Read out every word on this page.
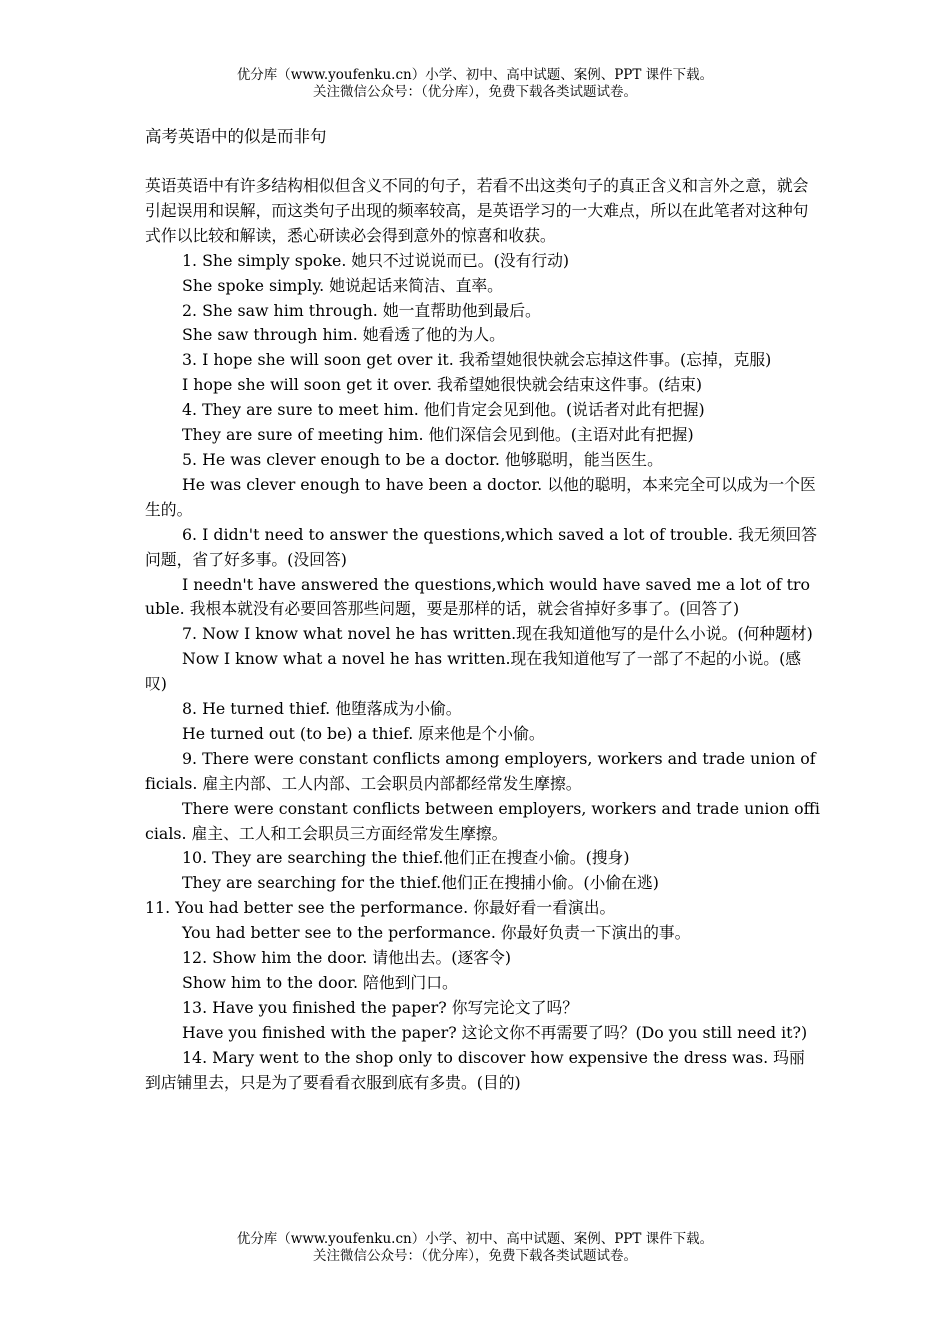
优分库（www.youfenku.cn）小学、初中、高中试题、案例、PPT 课件下载。
关注微信公众号：（优分库），免费下载各类试题试卷。
高考英语中的似是而非句

英语英语中有许多结构相似但含义不同的句子，若看不出这类句子的真正含义和言外之意，就会引起误用和误解，而这类句子出现的频率较高，是英语学习的一大难点，所以在此笔者对这种句式作以比较和解读，悉心研读必会得到意外的惊喜和收获。

1. She simply spoke. 她只不过说说而已。(没有行动)

She spoke simply. 她说起话来简洁、直率。

2. She saw him through. 她一直帮助他到最后。

She saw through him. 她看透了他的为人。

3. I hope she will soon get over it. 我希望她很快就会忘掉这件事。(忘掉，克服)

I hope she will soon get it over. 我希望她很快就会结束这件事。(结束)

4. They are sure to meet him. 他们肯定会见到他。(说话者对此有把握)

They are sure of meeting him. 他们深信会见到他。(主语对此有把握)

5. He was clever enough to be a doctor. 他够聪明，能当医生。

He was clever enough to have been a doctor. 以他的聪明，本来完全可以成为一个医生的。

6. I didn't need to answer the questions,which saved a lot of trouble. 我无须回答问题，省了好多事。(没回答)

I needn't have answered the questions,which would have saved me a lot of trouble. 我根本就没有必要回答那些问题，要是那样的话，就会省掉好多事了。(回答了)

7. Now I know what novel he has written.现在我知道他写的是什么小说。(何种题材)

Now I know what a novel he has written.现在我知道他写了一部了不起的小说。(感叹)

8. He turned thief. 他堕落成为小偷。

He turned out (to be) a thief. 原来他是个小偷。

9. There were constant conflicts among employers, workers and trade union officials. 雇主内部、工人内部、工会职员内部都经常发生摩擦。

There were constant conflicts between employers, workers and trade union officials. 雇主、工人和工会职员三方面经常发生摩擦。

10. They are searching the thief.他们正在搜查小偷。(搜身)

They are searching for the thief.他们正在搜捕小偷。(小偷在逃)

11. You had better see the performance. 你最好看一看演出。

You had better see to the performance. 你最好负责一下演出的事。

12. Show him the door. 请他出去。(逐客令)

Show him to the door. 陪他到门口。

13. Have you finished the paper? 你写完论文了吗？

Have you finished with the paper? 这论文你不再需要了吗？(Do you still need it?)

14. Mary went to the shop only to discover how expensive the dress was. 玛丽到店铺里去，只是为了要看看衣服到底有多贵。(目的)

优分库（www.youfenku.cn）小学、初中、高中试题、案例、PPT 课件下载。
关注微信公众号：（优分库），免费下载各类试题试卷。
